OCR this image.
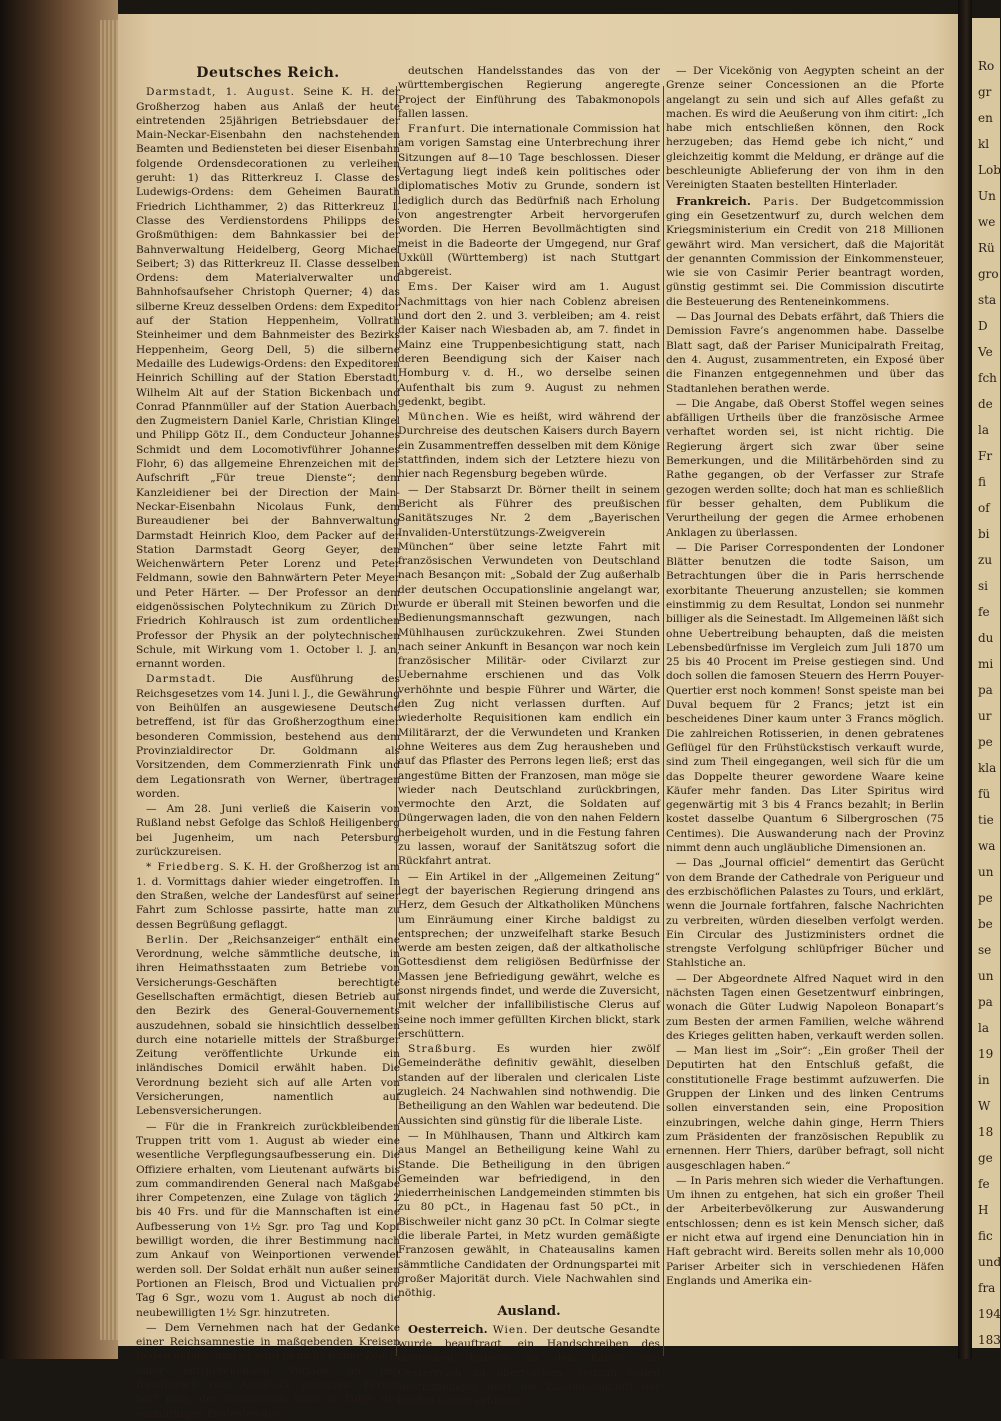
Deutsches Reich.

Darmstadt, 1. August. Seine K. H. der Großherzog haben aus Anlaß der heute eintretenden 25jährigen Betriebsdauer der Main-Neckar-Eisenbahn den nachstehenden Beamten und Bediensteten bei dieser Eisenbahn folgende Ordensdecorationen zu verleihen geruht: 1) das Ritterkreuz I. Classe des Ludewigs-Ordens: dem Geheimen Baurath Friedrich Lichthammer, 2) das Ritterkreuz I. Classe des Verdienstordens Philipps des Großmüthigen: dem Bahnkassier bei der Bahnverwaltung Heidelberg, Georg Michael Seibert; 3) das Ritterkreuz II. Classe desselben Ordens: dem Materialverwalter und Bahnhofsaufseher Christoph Querner; 4) das silberne Kreuz desselben Ordens: dem Expeditor auf der Station Heppenheim, Vollrath Steinheimer und dem Bahnmeister des Bezirks Heppenheim, Georg Dell, 5) die silberne Medaille des Ludewigs-Ordens: den Expeditoren Heinrich Schilling auf der Station Eberstadt, Wilhelm Alt auf der Station Bickenbach und Conrad Pfannmüller auf der Station Auerbach, den Zugmeistern Daniel Karle, Christian Klingel und Philipp Götz II., dem Conducteur Johannes Schmidt und dem Locomotivführer Johannes Flohr, 6) das allgemeine Ehrenzeichen mit der Aufschrift „Für treue Dienste“; dem Kanzleidiener bei der Direction der Main-Neckar-Eisenbahn Nicolaus Funk, dem Bureaudiener bei der Bahnverwaltung Darmstadt Heinrich Kloo, dem Packer auf der Station Darmstadt Georg Geyer, den Weichenwärtern Peter Lorenz und Peter Feldmann, sowie den Bahnwärtern Peter Meyer und Peter Härter. — Der Professor an dem eidgenössischen Polytechnikum zu Zürich Dr. Friedrich Kohlrausch ist zum ordentlichen Professor der Physik an der polytechnischen Schule, mit Wirkung vom 1. October l. J. an, ernannt worden.

Darmstadt. Die Ausführung des Reichsgesetzes vom 14. Juni l. J., die Gewährung von Beihülfen an ausgewiesene Deutsche betreffend, ist für das Großherzogthum einer besonderen Commission, bestehend aus dem Provinzialdirector Dr. Goldmann als Vorsitzenden, dem Commerzienrath Fink und dem Legationsrath von Werner, übertragen worden.

— Am 28. Juni verließ die Kaiserin von Rußland nebst Gefolge das Schloß Heiligenberg bei Jugenheim, um nach Petersburg zurückzureisen.

* Friedberg. S. K. H. der Großherzog ist am 1. d. Vormittags dahier wieder eingetroffen. In den Straßen, welche der Landesfürst auf seiner Fahrt zum Schlosse passirte, hatte man zu dessen Begrüßung geflaggt.

Berlin. Der „Reichsanzeiger“ enthält eine Verordnung, welche sämmtliche deutsche, in ihren Heimathsstaaten zum Betriebe von Versicherungs-Geschäften berechtigte Gesellschaften ermächtigt, diesen Betrieb auf den Bezirk des General-Gouvernements auszudehnen, sobald sie hinsichtlich desselben durch eine notarielle mittels der Straßburger Zeitung veröffentlichte Urkunde ein inländisches Domicil erwählt haben. Die Verordnung bezieht sich auf alle Arten von Versicherungen, namentlich auf Lebensversicherungen.

— Für die in Frankreich zurückbleibenden Truppen tritt vom 1. August ab wieder eine wesentliche Verpflegungsaufbesserung ein. Die Offiziere erhalten, vom Lieutenant aufwärts bis zum commandirenden General nach Maßgabe ihrer Competenzen, eine Zulage von täglich 2 bis 40 Frs. und für die Mannschaften ist eine Aufbesserung von 1½ Sgr. pro Tag und Kopf bewilligt worden, die ihrer Bestimmung nach zum Ankauf von Weinportionen verwendet werden soll. Der Soldat erhält nun außer seinen Portionen an Fleisch, Brod und Victualien pro Tag 6 Sgr., wozu vom 1. August ab noch die neubewilligten 1½ Sgr. hinzutreten.

— Dem Vernehmen nach hat der Gedanke einer Reichsamnestie in maßgebenden Kreisen Boden gefaßt, und es wird in nicht ferner Zeit in einer entsprechenden Vorlage an den Bundesrath zum Ausdruck gelangen. Ferner hört man, der Bundesrath habe in Folge des einmüthigen Protestes des

deutschen Handelsstandes das von der württembergischen Regierung angeregte Project der Einführung des Tabakmonopols fallen lassen.

Franfurt. Die internationale Commission hat am vorigen Samstag eine Unterbrechung ihrer Sitzungen auf 8—10 Tage beschlossen. Dieser Vertagung liegt indeß kein politisches oder diplomatisches Motiv zu Grunde, sondern ist lediglich durch das Bedürfniß nach Erholung von angestrengter Arbeit hervorgerufen worden. Die Herren Bevollmächtigten sind meist in die Badeorte der Umgegend, nur Graf Uxküll (Württemberg) ist nach Stuttgart abgereist.

Ems. Der Kaiser wird am 1. August Nachmittags von hier nach Coblenz abreisen und dort den 2. und 3. verbleiben; am 4. reist der Kaiser nach Wiesbaden ab, am 7. findet in Mainz eine Truppenbesichtigung statt, nach deren Beendigung sich der Kaiser nach Homburg v. d. H., wo derselbe seinen Aufenthalt bis zum 9. August zu nehmen gedenkt, begibt.

München. Wie es heißt, wird während der Durchreise des deutschen Kaisers durch Bayern ein Zusammentreffen desselben mit dem Könige stattfinden, indem sich der Letztere hiezu von hier nach Regensburg begeben würde.

— Der Stabsarzt Dr. Börner theilt in seinem Bericht als Führer des preußischen Sanitätszuges Nr. 2 dem „Bayerischen Invaliden-Unterstützungs-Zweigverein München“ über seine letzte Fahrt mit französischen Verwundeten von Deutschland nach Besançon mit: „Sobald der Zug außerhalb der deutschen Occupationslinie angelangt war, wurde er überall mit Steinen beworfen und die Bedienungsmannschaft gezwungen, nach Mühlhausen zurückzukehren. Zwei Stunden nach seiner Ankunft in Besançon war noch kein französischer Militär- oder Civilarzt zur Uebernahme erschienen und das Volk verhöhnte und bespie Führer und Wärter, die den Zug nicht verlassen durften. Auf wiederholte Requisitionen kam endlich ein Militärarzt, der die Verwundeten und Kranken ohne Weiteres aus dem Zug herausheben und auf das Pflaster des Perrons legen ließ; erst das angestüme Bitten der Franzosen, man möge sie wieder nach Deutschland zurückbringen, vermochte den Arzt, die Soldaten auf Düngerwagen laden, die von den nahen Feldern herbeigeholt wurden, und in die Festung fahren zu lassen, worauf der Sanitätszug sofort die Rückfahrt antrat.

— Ein Artikel in der „Allgemeinen Zeitung“ legt der bayerischen Regierung dringend ans Herz, dem Gesuch der Altkatholiken Münchens um Einräumung einer Kirche baldigst zu entsprechen; der unzweifelhaft starke Besuch werde am besten zeigen, daß der altkatholische Gottesdienst dem religiösen Bedürfnisse der Massen jene Befriedigung gewährt, welche es sonst nirgends findet, und werde die Zuversicht, mit welcher der infallibilistische Clerus auf seine noch immer gefüllten Kirchen blickt, stark erschüttern.

Straßburg. Es wurden hier zwölf Gemeinderäthe definitiv gewählt, dieselben standen auf der liberalen und clericalen Liste zugleich. 24 Nachwahlen sind nothwendig. Die Betheiligung an den Wahlen war bedeutend. Die Aussichten sind günstig für die liberale Liste.

— In Mühlhausen, Thann und Altkirch kam aus Mangel an Betheiligung keine Wahl zu Stande. Die Betheiligung in den übrigen Gemeinden war befriedigend, in den niederrheinischen Landgemeinden stimmten bis zu 80 pCt., in Hagenau fast 50 pCt., in Bischweiler nicht ganz 30 pCt. In Colmar siegte die liberale Partei, in Metz wurden gemäßigte Franzosen gewählt, in Chateausalins kamen sämmtliche Candidaten der Ordnungspartei mit großer Majorität durch. Viele Nachwahlen sind nöthig.

Ausland.

Oesterreich. Wien. Der deutsche Gesandte wurde beauftragt, ein Handschreiben des deutschen Kaisers an den Kaiser von Oesterreich zu überreichen. Sodann sollen Bestimmungen über die Zusammenkunft der beiden Kaiser erfolgen.

— Der Vicekönig von Aegypten scheint an der Grenze seiner Concessionen an die Pforte angelangt zu sein und sich auf Alles gefaßt zu machen. Es wird die Aeußerung von ihm citirt: „Ich habe mich entschließen können, den Rock herzugeben; das Hemd gebe ich nicht,“ und gleichzeitig kommt die Meldung, er dränge auf die beschleunigte Ablieferung der von ihm in den Vereinigten Staaten bestellten Hinterlader.

Frankreich. Paris. Der Budgetcommission ging ein Gesetzentwurf zu, durch welchen dem Kriegsministerium ein Credit von 218 Millionen gewährt wird. Man versichert, daß die Majorität der genannten Commission der Einkommensteuer, wie sie von Casimir Perier beantragt worden, günstig gestimmt sei. Die Commission discutirte die Besteuerung des Renteneinkommens.

— Das Journal des Debats erfährt, daß Thiers die Demission Favre’s angenommen habe. Dasselbe Blatt sagt, daß der Pariser Municipalrath Freitag, den 4. August, zusammentreten, ein Exposé über die Finanzen entgegennehmen und über das Stadtanlehen berathen werde.

— Die Angabe, daß Oberst Stoffel wegen seines abfälligen Urtheils über die französische Armee verhaftet worden sei, ist nicht richtig. Die Regierung ärgert sich zwar über seine Bemerkungen, und die Militärbehörden sind zu Rathe gegangen, ob der Verfasser zur Strafe gezogen werden sollte; doch hat man es schließlich für besser gehalten, dem Publikum die Verurtheilung der gegen die Armee erhobenen Anklagen zu überlassen.

— Die Pariser Correspondenten der Londoner Blätter benutzen die todte Saison, um Betrachtungen über die in Paris herrschende exorbitante Theuerung anzustellen; sie kommen einstimmig zu dem Resultat, London sei nunmehr billiger als die Seinestadt. Im Allgemeinen läßt sich ohne Uebertreibung behaupten, daß die meisten Lebensbedürfnisse im Vergleich zum Juli 1870 um 25 bis 40 Procent im Preise gestiegen sind. Und doch sollen die famosen Steuern des Herrn Pouyer-Quertier erst noch kommen! Sonst speiste man bei Duval bequem für 2 Francs; jetzt ist ein bescheidenes Diner kaum unter 3 Francs möglich. Die zahlreichen Rotisserien, in denen gebratenes Geflügel für den Frühstückstisch verkauft wurde, sind zum Theil eingegangen, weil sich für die um das Doppelte theurer gewordene Waare keine Käufer mehr fanden. Das Liter Spiritus wird gegenwärtig mit 3 bis 4 Francs bezahlt; in Berlin kostet dasselbe Quantum 6 Silbergroschen (75 Centimes). Die Auswanderung nach der Provinz nimmt denn auch ungläubliche Dimensionen an.

— Das „Journal officiel“ dementirt das Gerücht von dem Brande der Cathedrale von Perigueur und des erzbischöflichen Palastes zu Tours, und erklärt, wenn die Journale fortfahren, falsche Nachrichten zu verbreiten, würden dieselben verfolgt werden. Ein Circular des Justizministers ordnet die strengste Verfolgung schlüpfriger Bücher und Stahlstiche an.

— Der Abgeordnete Alfred Naquet wird in den nächsten Tagen einen Gesetzentwurf einbringen, wonach die Güter Ludwig Napoleon Bonapart’s zum Besten der armen Familien, welche während des Krieges gelitten haben, verkauft werden sollen.

— Man liest im „Soir“: „Ein großer Theil der Deputirten hat den Entschluß gefaßt, die constitutionelle Frage bestimmt aufzuwerfen. Die Gruppen der Linken und des linken Centrums sollen einverstanden sein, eine Proposition einzubringen, welche dahin ginge, Herrn Thiers zum Präsidenten der französischen Republik zu ernennen. Herr Thiers, darüber befragt, soll nicht ausgeschlagen haben.“

— In Paris mehren sich wieder die Verhaftungen. Um ihnen zu entgehen, hat sich ein großer Theil der Arbeiterbevölkerung zur Auswanderung entschlossen; denn es ist kein Mensch sicher, daß er nicht etwa auf irgend eine Denunciation hin in Haft gebracht wird. Bereits sollen mehr als 10,000 Pariser Arbeiter sich in verschiedenen Häfen Englands und Amerika ein-

Ro
gr
en
kl
Lob
Un
we
Rü
gro
sta
D
Ve
fch
de
la
Fr
fi
of
bi
zu
si
fe
du
mi
pa
ur
pe
kla
fü
tie
wa
un
pe
be
se
un
pa
la
19
in
W
18
ge
fe
H
fic
und
fra
194
183
